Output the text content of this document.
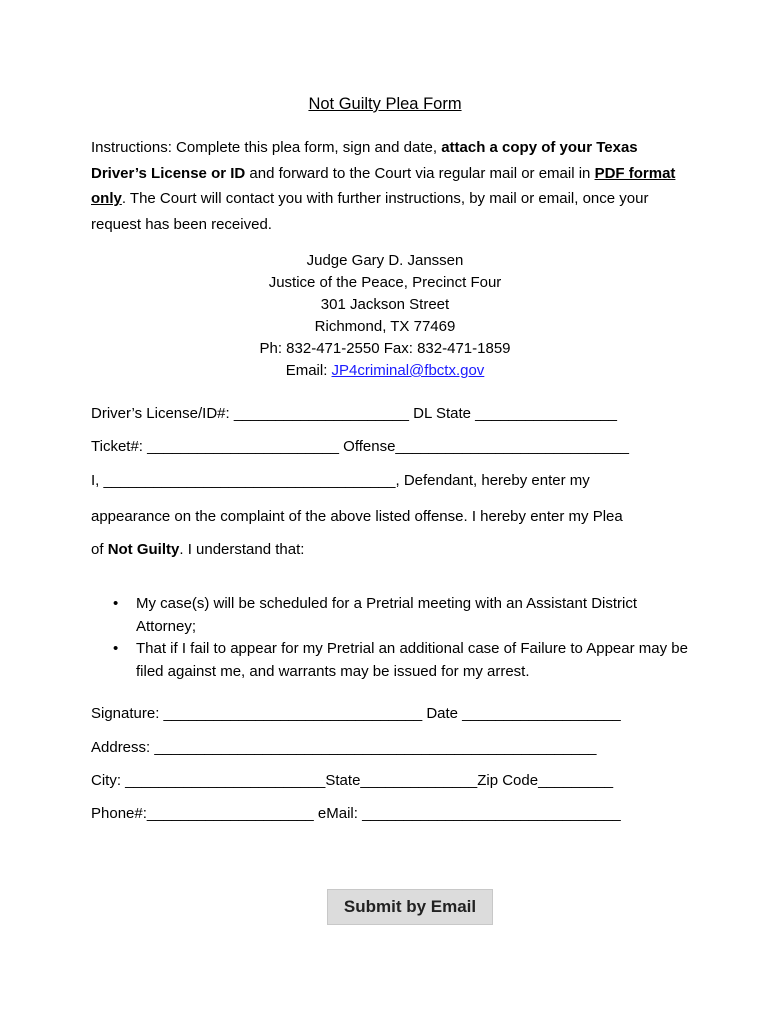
Not Guilty Plea Form
Instructions: Complete this plea form, sign and date, attach a copy of your Texas Driver’s License or ID and forward to the Court via regular mail or email in PDF format only. The Court will contact you with further instructions, by mail or email, once your request has been received.
Judge Gary D. Janssen
Justice of the Peace, Precinct Four
301 Jackson Street
Richmond, TX 77469
Ph: 832-471-2550 Fax: 832-471-1859
Email: JP4criminal@fbctx.gov
Driver’s License/ID#: _____________________ DL State _________________
Ticket#: _______________________ Offense____________________________
I, ___________________________________, Defendant, hereby enter my
appearance on the complaint of the above listed offense. I hereby enter my Plea
of Not Guilty. I understand that:
• My case(s) will be scheduled for a Pretrial meeting with an Assistant District Attorney;
• That if I fail to appear for my Pretrial an additional case of Failure to Appear may be filed against me, and warrants may be issued for my arrest.
Signature: _______________________________ Date ___________________
Address: _____________________________________________________
City: ________________________State______________Zip Code_________
Phone#:____________________ eMail: _______________________________
Submit by Email
